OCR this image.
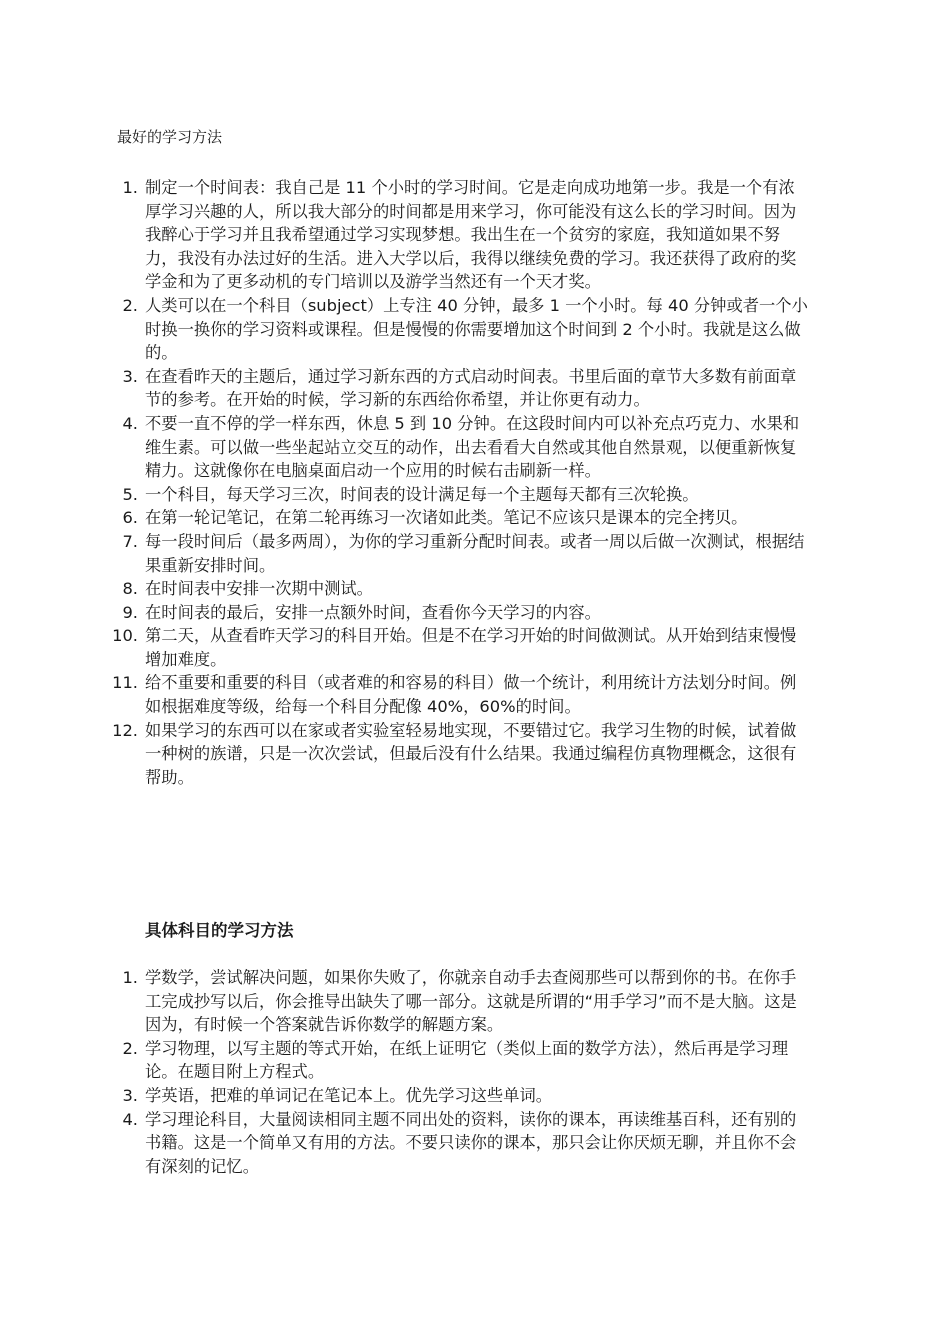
最好的学习方法
1. 制定一个时间表：我自己是 11 个小时的学习时间。它是走向成功地第一步。我是一个有浓厚学习兴趣的人，所以我大部分的时间都是用来学习，你可能没有这么长的学习时间。因为我醉心于学习并且我希望通过学习实现梦想。我出生在一个贫穷的家庭，我知道如果不努力，我没有办法过好的生活。进入大学以后，我得以继续免费的学习。我还获得了政府的奖学金和为了更多动机的专门培训以及游学当然还有一个天才奖。
2. 人类可以在一个科目（subject）上专注 40 分钟，最多 1 一个小时。每 40 分钟或者一个小时换一换你的学习资料或课程。但是慢慢的你需要增加这个时间到 2 个小时。我就是这么做的。
3. 在查看昨天的主题后，通过学习新东西的方式启动时间表。书里后面的章节大多数有前面章节的参考。在开始的时候，学习新的东西给你希望，并让你更有动力。
4. 不要一直不停的学一样东西，休息 5 到 10 分钟。在这段时间内可以补充点巧克力、水果和维生素。可以做一些坐起站立交互的动作，出去看看大自然或其他自然景观，以便重新恢复精力。这就像你在电脑桌面启动一个应用的时候右击刷新一样。
5. 一个科目，每天学习三次，时间表的设计满足每一个主题每天都有三次轮换。
6. 在第一轮记笔记，在第二轮再练习一次诸如此类。笔记不应该只是课本的完全拷贝。
7. 每一段时间后（最多两周），为你的学习重新分配时间表。或者一周以后做一次测试，根据结果重新安排时间。
8. 在时间表中安排一次期中测试。
9. 在时间表的最后，安排一点额外时间，查看你今天学习的内容。
10. 第二天，从查看昨天学习的科目开始。但是不在学习开始的时间做测试。从开始到结束慢慢增加难度。
11. 给不重要和重要的科目（或者难的和容易的科目）做一个统计，利用统计方法划分时间。例如根据难度等级，给每一个科目分配像 40%，60%的时间。
12. 如果学习的东西可以在家或者实验室轻易地实现，不要错过它。我学习生物的时候，试着做一种树的族谱，只是一次次尝试，但最后没有什么结果。我通过编程仿真物理概念，这很有帮助。
具体科目的学习方法
1. 学数学，尝试解决问题，如果你失败了，你就亲自动手去查阅那些可以帮到你的书。在你手工完成抄写以后，你会推导出缺失了哪一部分。这就是所谓的“用手学习”而不是大脑。这是因为，有时候一个答案就告诉你数学的解题方案。
2. 学习物理，以写主题的等式开始，在纸上证明它（类似上面的数学方法），然后再是学习理论。在题目附上方程式。
3. 学英语，把难的单词记在笔记本上。优先学习这些单词。
4. 学习理论科目，大量阅读相同主题不同出处的资料，读你的课本，再读维基百科，还有别的书籍。这是一个简单又有用的方法。不要只读你的课本，那只会让你厌烦无聊，并且你不会有深刻的记忆。
